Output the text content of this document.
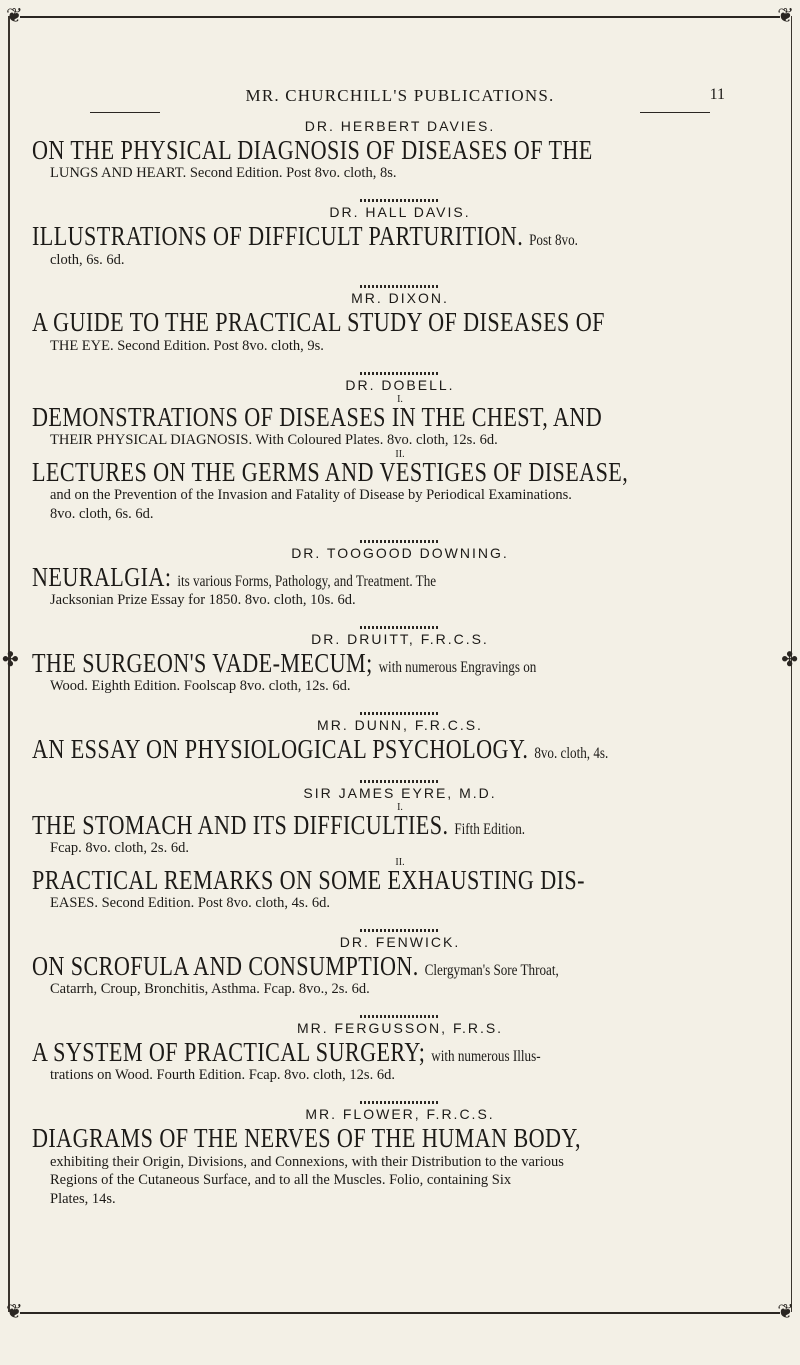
❦	❦
❦	❦
✤	✤
MR. CHURCHILL'S PUBLICATIONS.	11
DR. HERBERT DAVIES.
ON THE PHYSICAL DIAGNOSIS OF DISEASES OF THE
LUNGS AND HEART. Second Edition. Post 8vo. cloth, 8s.
DR. HALL DAVIS.
ILLUSTRATIONS OF DIFFICULT PARTURITION. Post 8vo.
cloth, 6s. 6d.
MR. DIXON.
A GUIDE TO THE PRACTICAL STUDY OF DISEASES OF
THE EYE. Second Edition. Post 8vo. cloth, 9s.
DR. DOBELL.
I.
DEMONSTRATIONS OF DISEASES IN THE CHEST, AND
THEIR PHYSICAL DIAGNOSIS. With Coloured Plates. 8vo. cloth, 12s. 6d.
II.
LECTURES ON THE GERMS AND VESTIGES OF DISEASE,
and on the Prevention of the Invasion and Fatality of Disease by Periodical Examinations.
8vo. cloth, 6s. 6d.
DR. TOOGOOD DOWNING.
NEURALGIA: its various Forms, Pathology, and Treatment. The
Jacksonian Prize Essay for 1850. 8vo. cloth, 10s. 6d.
DR. DRUITT, F.R.C.S.
THE SURGEON'S VADE-MECUM; with numerous Engravings on
Wood. Eighth Edition. Foolscap 8vo. cloth, 12s. 6d.
MR. DUNN, F.R.C.S.
AN ESSAY ON PHYSIOLOGICAL PSYCHOLOGY. 8vo. cloth, 4s.
SIR JAMES EYRE, M.D.
I.
THE STOMACH AND ITS DIFFICULTIES. Fifth Edition.
Fcap. 8vo. cloth, 2s. 6d.
II.
PRACTICAL REMARKS ON SOME EXHAUSTING DIS-
EASES. Second Edition. Post 8vo. cloth, 4s. 6d.
DR. FENWICK.
ON SCROFULA AND CONSUMPTION. Clergyman's Sore Throat,
Catarrh, Croup, Bronchitis, Asthma. Fcap. 8vo., 2s. 6d.
MR. FERGUSSON, F.R.S.
A SYSTEM OF PRACTICAL SURGERY; with numerous Illus-
trations on Wood. Fourth Edition. Fcap. 8vo. cloth, 12s. 6d.
MR. FLOWER, F.R.C.S.
DIAGRAMS OF THE NERVES OF THE HUMAN BODY,
exhibiting their Origin, Divisions, and Connexions, with their Distribution to the various
Regions of the Cutaneous Surface, and to all the Muscles. Folio, containing Six
Plates, 14s.
